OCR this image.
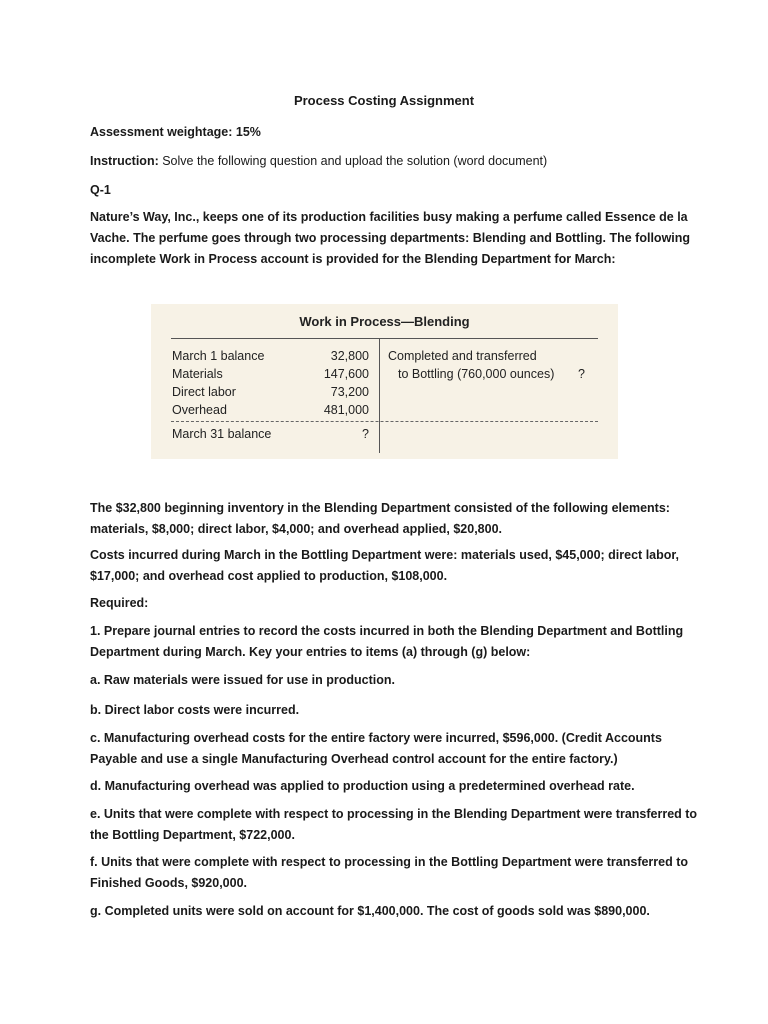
Process Costing Assignment
Assessment weightage: 15%
Instruction: Solve the following question and upload the solution (word document)
Q-1
Nature’s Way, Inc., keeps one of its production facilities busy making a perfume called Essence de la
Vache. The perfume goes through two processing departments: Blending and Bottling. The following
incomplete Work in Process account is provided for the Blending Department for March:
Work in Process—Blending
March 1 balance	32,800
Materials	147,600
Direct labor	73,200
Overhead	481,000
March 31 balance	?
Completed and transferred
to Bottling (760,000 ounces) ?
The $32,800 beginning inventory in the Blending Department consisted of the following elements:
materials, $8,000; direct labor, $4,000; and overhead applied, $20,800.
Costs incurred during March in the Bottling Department were: materials used, $45,000; direct labor,
$17,000; and overhead cost applied to production, $108,000.
Required:
1. Prepare journal entries to record the costs incurred in both the Blending Department and Bottling
Department during March. Key your entries to items (a) through (g) below:
a. Raw materials were issued for use in production.
b. Direct labor costs were incurred.
c. Manufacturing overhead costs for the entire factory were incurred, $596,000. (Credit Accounts
Payable and use a single Manufacturing Overhead control account for the entire factory.)
d. Manufacturing overhead was applied to production using a predetermined overhead rate.
e. Units that were complete with respect to processing in the Blending Department were transferred to
the Bottling Department, $722,000.
f. Units that were complete with respect to processing in the Bottling Department were transferred to
Finished Goods, $920,000.
g. Completed units were sold on account for $1,400,000. The cost of goods sold was $890,000.
